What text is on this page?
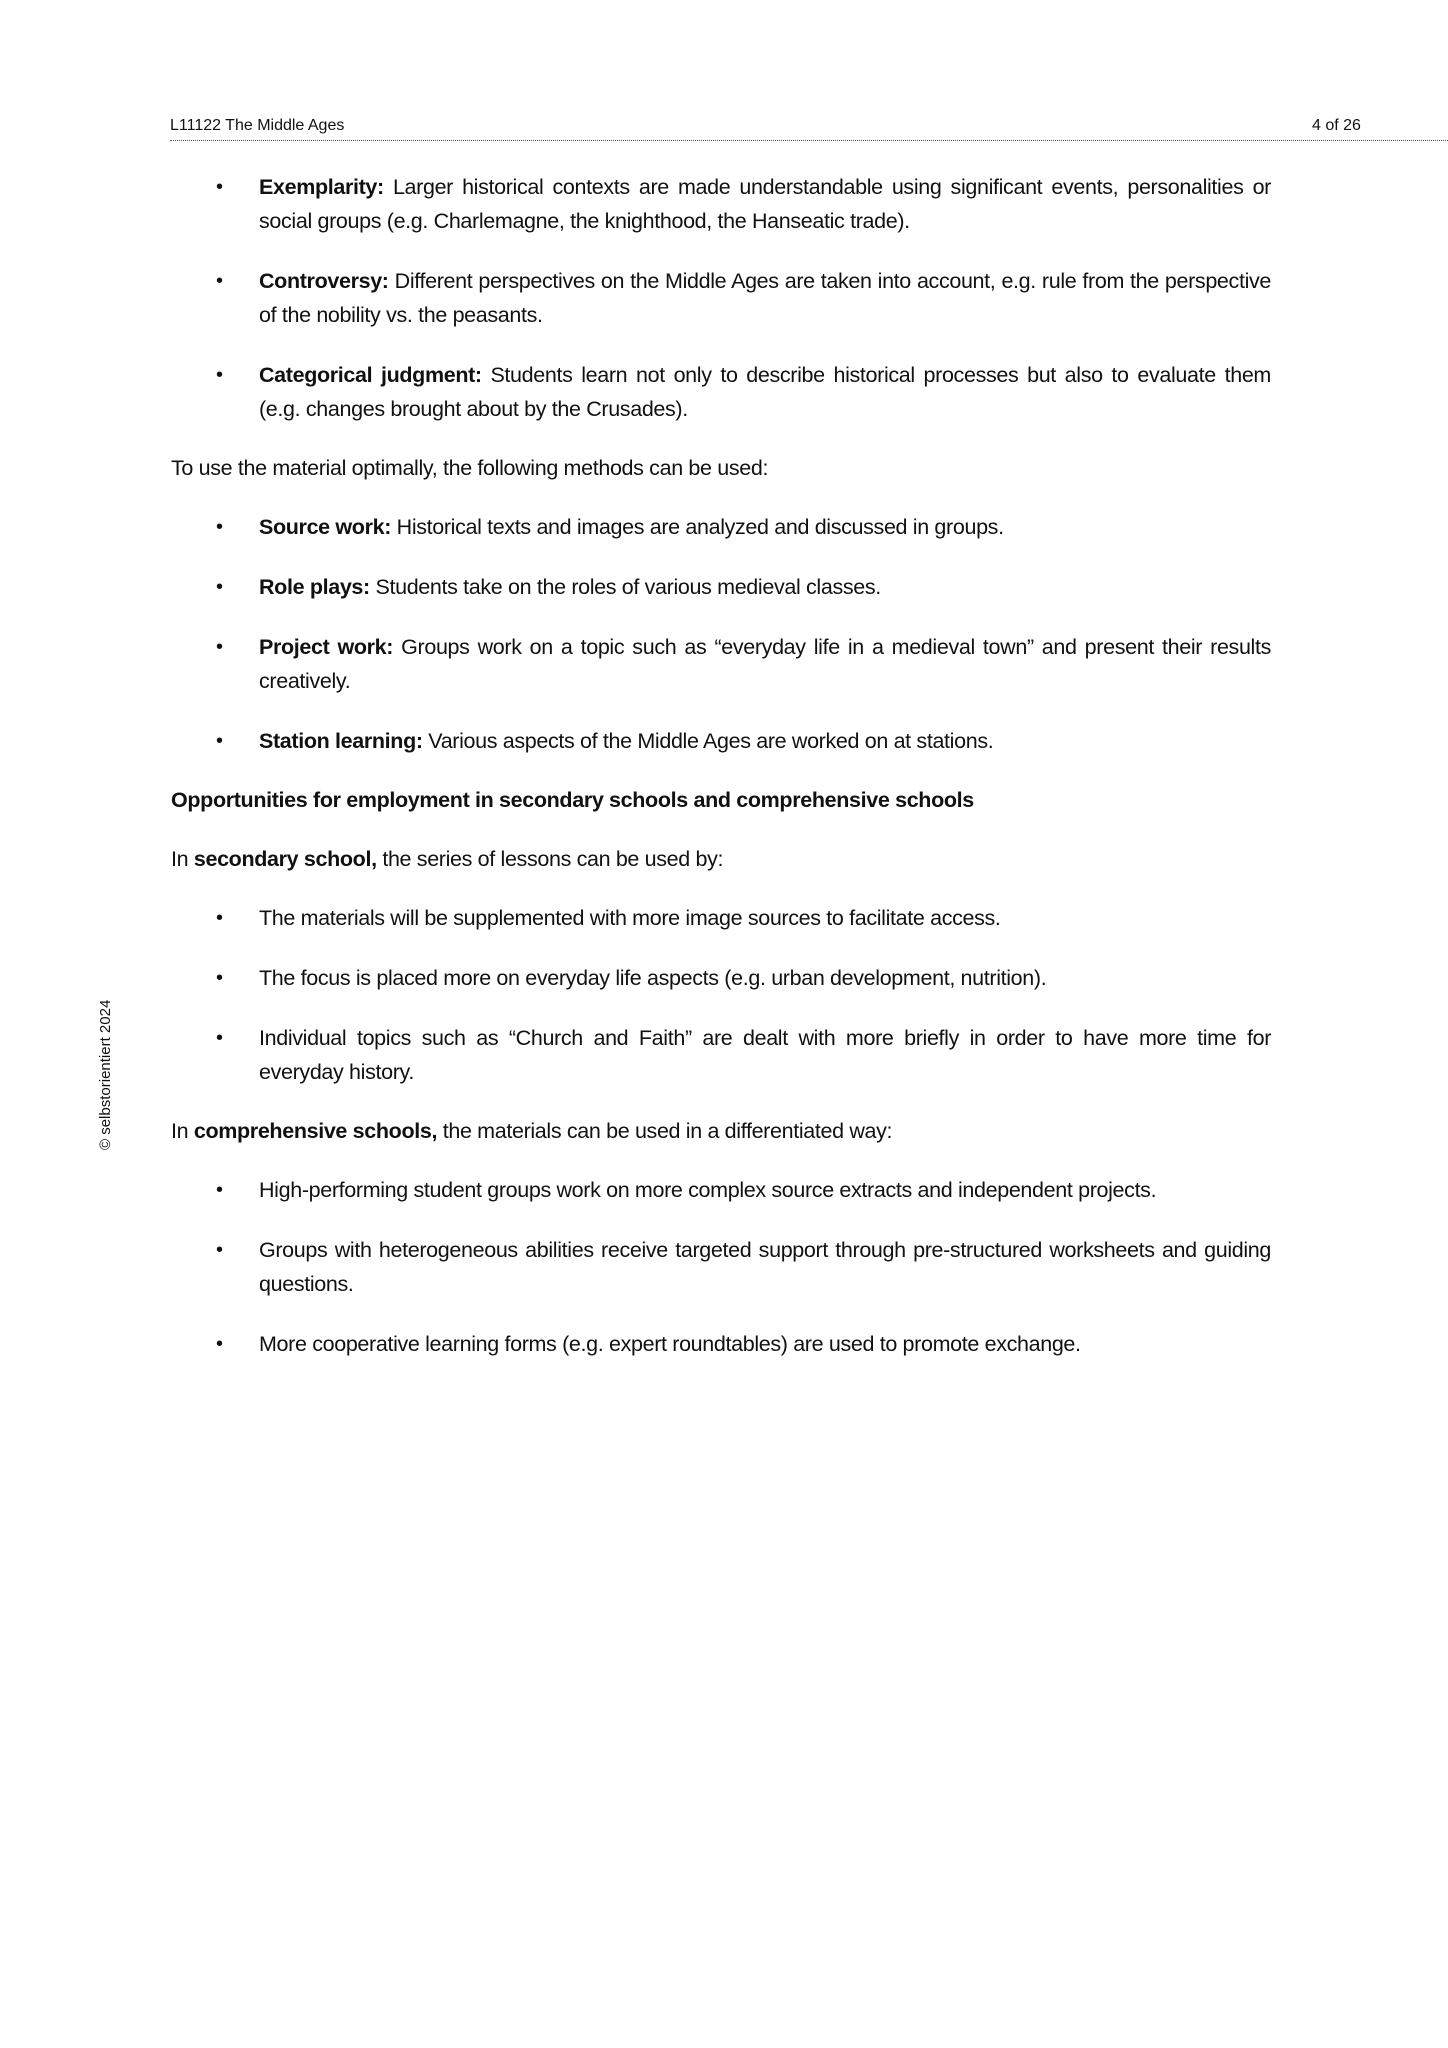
L11122 The Middle Ages	4 of 26
© selbstorientiert 2024
• Exemplarity: Larger historical contexts are made understandable using significant events, personalities or social groups (e.g. Charlemagne, the knighthood, the Hanseatic trade).
• Controversy: Different perspectives on the Middle Ages are taken into account, e.g. rule from the perspective of the nobility vs. the peasants.
• Categorical judgment: Students learn not only to describe historical processes but also to evaluate them (e.g. changes brought about by the Crusades).

To use the material optimally, the following methods can be used:

• Source work: Historical texts and images are analyzed and discussed in groups.
• Role plays: Students take on the roles of various medieval classes.
• Project work: Groups work on a topic such as “everyday life in a medieval town” and present their results creatively.
• Station learning: Various aspects of the Middle Ages are worked on at stations.

Opportunities for employment in secondary schools and comprehensive schools

In secondary school, the series of lessons can be used by:

• The materials will be supplemented with more image sources to facilitate access.
• The focus is placed more on everyday life aspects (e.g. urban development, nutrition).
• Individual topics such as “Church and Faith” are dealt with more briefly in order to have more time for everyday history.

In comprehensive schools, the materials can be used in a differentiated way:

• High-performing student groups work on more complex source extracts and independent projects.
• Groups with heterogeneous abilities receive targeted support through pre-structured worksheets and guiding questions.
• More cooperative learning forms (e.g. expert roundtables) are used to promote exchange.
